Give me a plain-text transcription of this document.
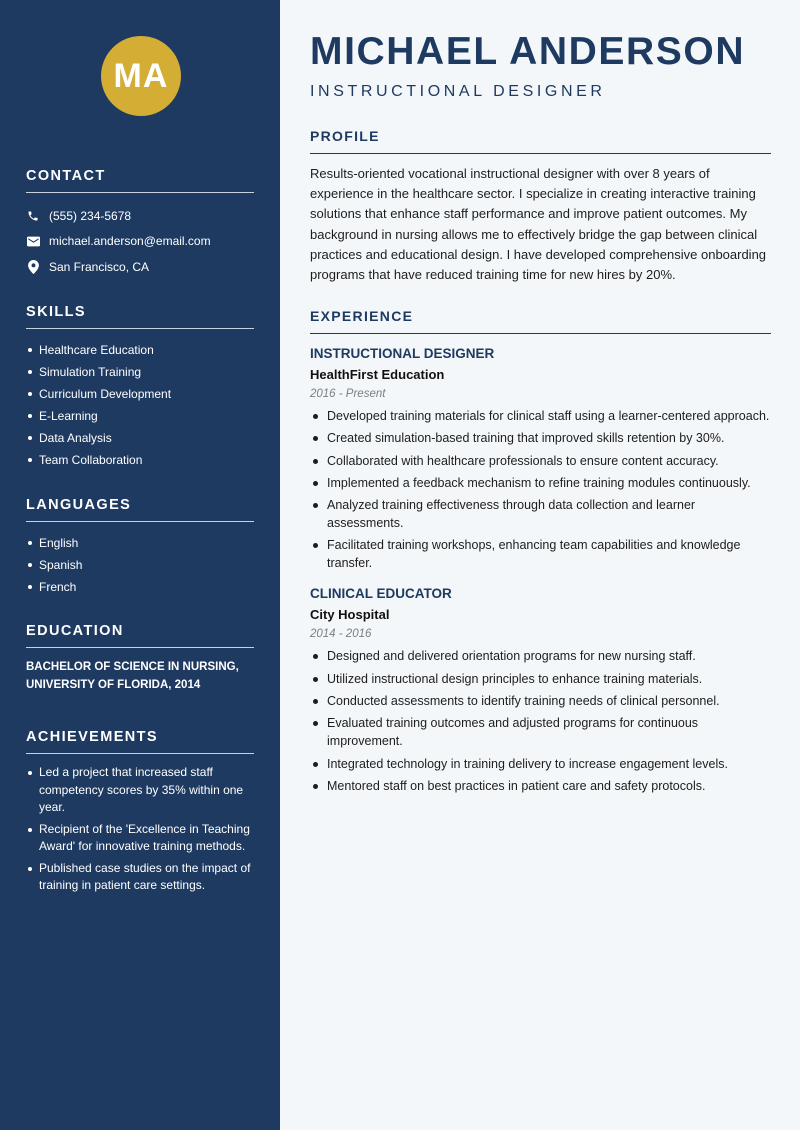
MA
CONTACT
(555) 234-5678
michael.anderson@email.com
San Francisco, CA
SKILLS
Healthcare Education
Simulation Training
Curriculum Development
E-Learning
Data Analysis
Team Collaboration
LANGUAGES
English
Spanish
French
EDUCATION
BACHELOR OF SCIENCE IN NURSING,
UNIVERSITY OF FLORIDA, 2014
ACHIEVEMENTS
Led a project that increased staff competency scores by 35% within one year.
Recipient of the 'Excellence in Teaching Award' for innovative training methods.
Published case studies on the impact of training in patient care settings.
MICHAEL ANDERSON
INSTRUCTIONAL DESIGNER
PROFILE
Results-oriented vocational instructional designer with over 8 years of experience in the healthcare sector. I specialize in creating interactive training solutions that enhance staff performance and improve patient outcomes. My background in nursing allows me to effectively bridge the gap between clinical practices and educational design. I have developed comprehensive onboarding programs that have reduced training time for new hires by 20%.
EXPERIENCE
INSTRUCTIONAL DESIGNER
HealthFirst Education
2016 - Present
Developed training materials for clinical staff using a learner-centered approach.
Created simulation-based training that improved skills retention by 30%.
Collaborated with healthcare professionals to ensure content accuracy.
Implemented a feedback mechanism to refine training modules continuously.
Analyzed training effectiveness through data collection and learner assessments.
Facilitated training workshops, enhancing team capabilities and knowledge transfer.
CLINICAL EDUCATOR
City Hospital
2014 - 2016
Designed and delivered orientation programs for new nursing staff.
Utilized instructional design principles to enhance training materials.
Conducted assessments to identify training needs of clinical personnel.
Evaluated training outcomes and adjusted programs for continuous improvement.
Integrated technology in training delivery to increase engagement levels.
Mentored staff on best practices in patient care and safety protocols.
